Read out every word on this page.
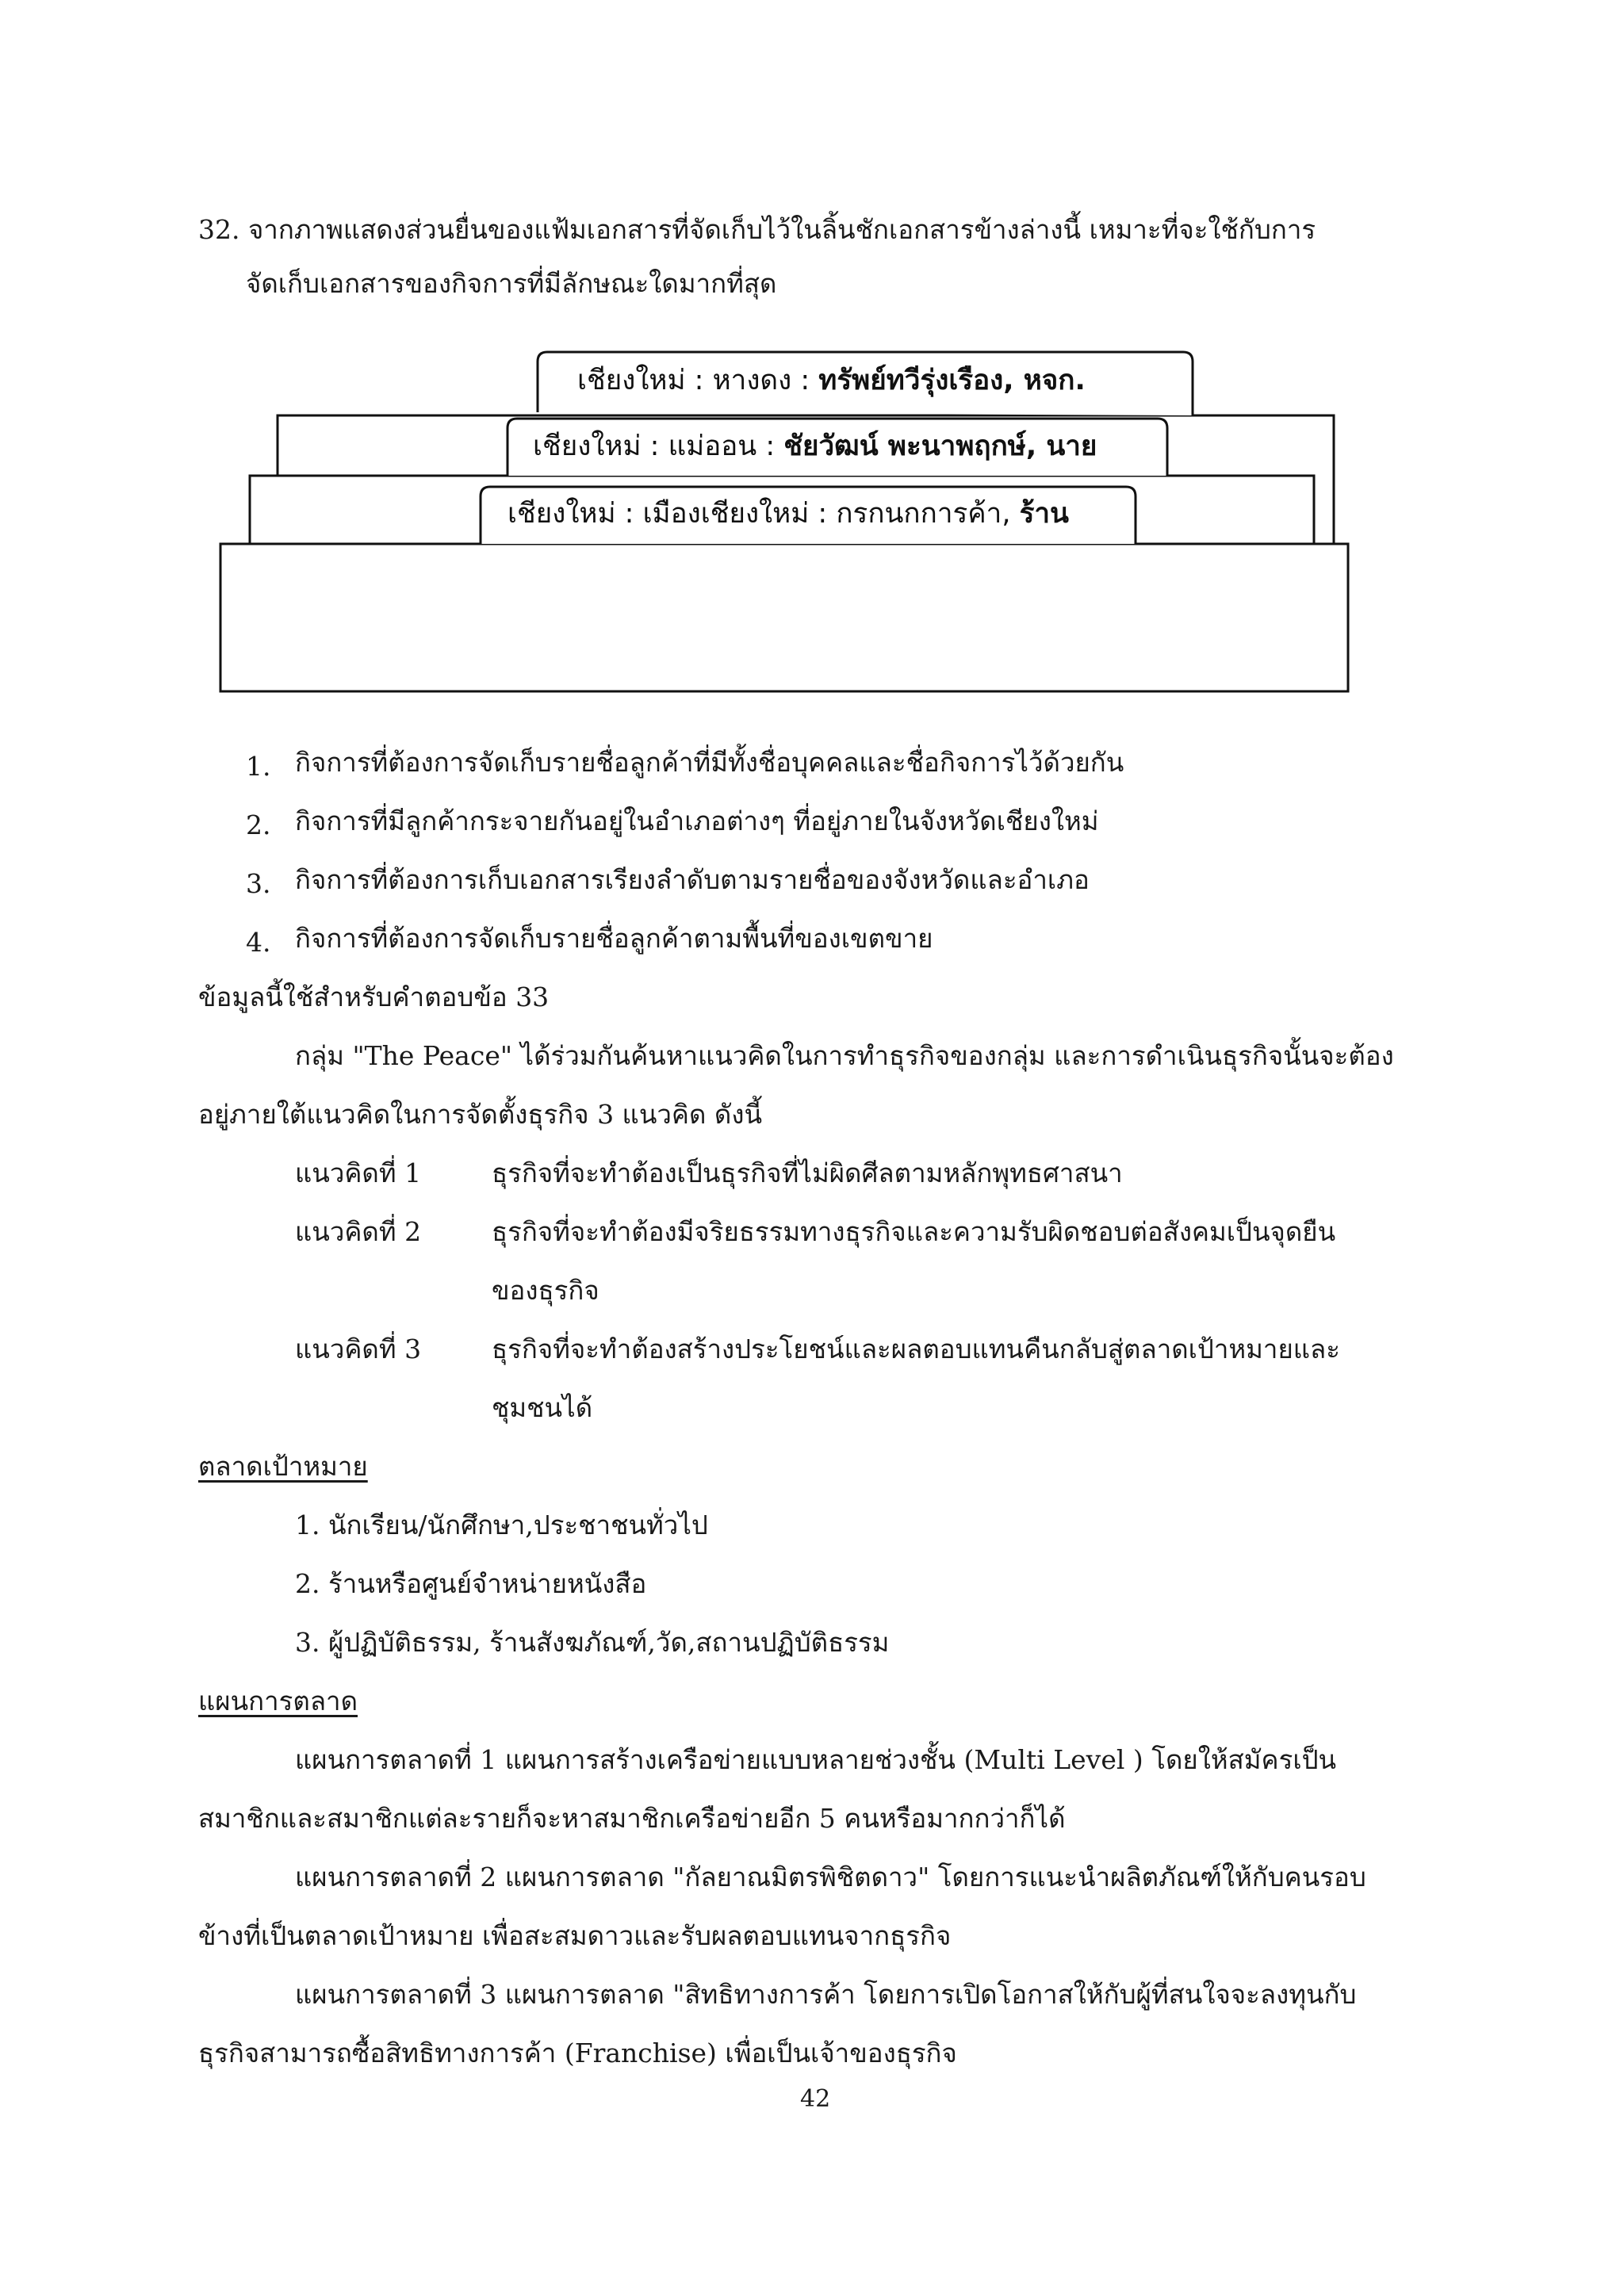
32. จากภาพแสดงส่วนยื่นของแฟ้มเอกสารที่จัดเก็บไว้ในลิ้นชักเอกสารข้างล่างนี้ เหมาะที่จะใช้กับการ
จัดเก็บเอกสารของกิจการที่มีลักษณะใดมากที่สุด
เชียงใหม่ : หางดง : ทรัพย์ทวีรุ่งเรือง, หจก.
เชียงใหม่ : แม่ออน : ชัยวัฒน์ พะนาพฤกษ์, นาย
เชียงใหม่ : เมืองเชียงใหม่ : กรกนกการค้า, ร้าน
1. กิจการที่ต้องการจัดเก็บรายชื่อลูกค้าที่มีทั้งชื่อบุคคลและชื่อกิจการไว้ด้วยกัน
2. กิจการที่มีลูกค้ากระจายกันอยู่ในอำเภอต่างๆ ที่อยู่ภายในจังหวัดเชียงใหม่
3. กิจการที่ต้องการเก็บเอกสารเรียงลำดับตามรายชื่อของจังหวัดและอำเภอ
4. กิจการที่ต้องการจัดเก็บรายชื่อลูกค้าตามพื้นที่ของเขตขาย
ข้อมูลนี้ใช้สำหรับคำตอบข้อ 33
กลุ่ม "The Peace" ได้ร่วมกันค้นหาแนวคิดในการทำธุรกิจของกลุ่ม และการดำเนินธุรกิจนั้นจะต้อง
อยู่ภายใต้แนวคิดในการจัดตั้งธุรกิจ 3 แนวคิด ดังนี้
แนวคิดที่ 1	ธุรกิจที่จะทำต้องเป็นธุรกิจที่ไม่ผิดศีลตามหลักพุทธศาสนา
แนวคิดที่ 2	ธุรกิจที่จะทำต้องมีจริยธรรมทางธุรกิจและความรับผิดชอบต่อสังคมเป็นจุดยืน
ของธุรกิจ
แนวคิดที่ 3	ธุรกิจที่จะทำต้องสร้างประโยชน์และผลตอบแทนคืนกลับสู่ตลาดเป้าหมายและ
ชุมชนได้
ตลาดเป้าหมาย
1. นักเรียน/นักศึกษา,ประชาชนทั่วไป
2. ร้านหรือศูนย์จำหน่ายหนังสือ
3. ผู้ปฏิบัติธรรม, ร้านสังฆภัณฑ์,วัด,สถานปฏิบัติธรรม
แผนการตลาด
แผนการตลาดที่ 1 แผนการสร้างเครือข่ายแบบหลายช่วงชั้น (Multi Level ) โดยให้สมัครเป็น
สมาชิกและสมาชิกแต่ละรายก็จะหาสมาชิกเครือข่ายอีก 5 คนหรือมากกว่าก็ได้
แผนการตลาดที่ 2 แผนการตลาด "กัลยาณมิตรพิชิตดาว" โดยการแนะนำผลิตภัณฑ์ให้กับคนรอบ
ข้างที่เป็นตลาดเป้าหมาย เพื่อสะสมดาวและรับผลตอบแทนจากธุรกิจ
แผนการตลาดที่ 3 แผนการตลาด "สิทธิทางการค้า โดยการเปิดโอกาสให้กับผู้ที่สนใจจะลงทุนกับ
ธุรกิจสามารถซื้อสิทธิทางการค้า (Franchise) เพื่อเป็นเจ้าของธุรกิจ
42
